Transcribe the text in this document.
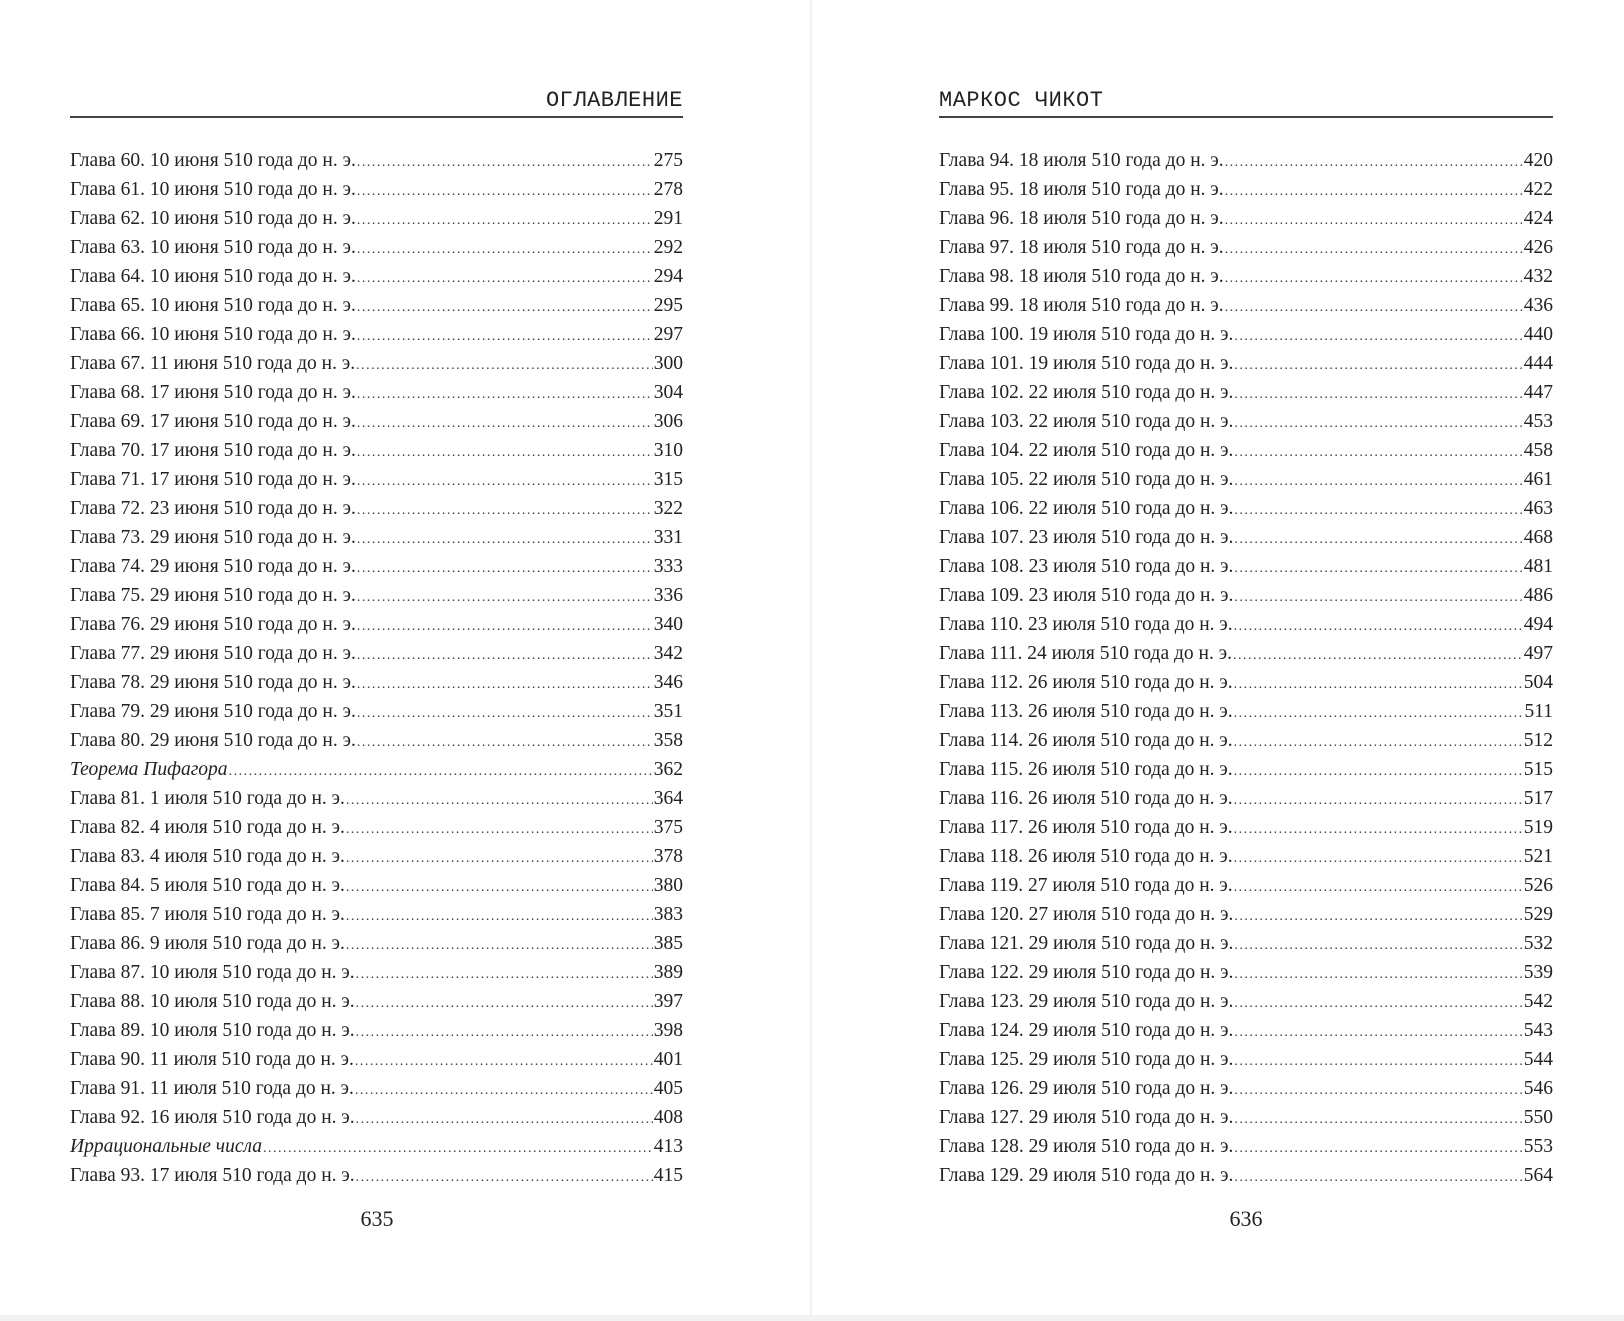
ОГЛАВЛЕНИЕ
Глава 60. 10 июня 510 года до н. э. .....	275
Глава 61. 10 июня 510 года до н. э. .....	278
Глава 62. 10 июня 510 года до н. э. .....	291
Глава 63. 10 июня 510 года до н. э. .....	292
Глава 64. 10 июня 510 года до н. э. .....	294
Глава 65. 10 июня 510 года до н. э. .....	295
Глава 66. 10 июня 510 года до н. э. .....	297
Глава 67. 11 июня 510 года до н. э. .....	300
Глава 68. 17 июня 510 года до н. э. .....	304
Глава 69. 17 июня 510 года до н. э. .....	306
Глава 70. 17 июня 510 года до н. э. .....	310
Глава 71. 17 июня 510 года до н. э. .....	315
Глава 72. 23 июня 510 года до н. э. .....	322
Глава 73. 29 июня 510 года до н. э. .....	331
Глава 74. 29 июня 510 года до н. э. .....	333
Глава 75. 29 июня 510 года до н. э. .....	336
Глава 76. 29 июня 510 года до н. э. .....	340
Глава 77. 29 июня 510 года до н. э. .....	342
Глава 78. 29 июня 510 года до н. э. .....	346
Глава 79. 29 июня 510 года до н. э. .....	351
Глава 80. 29 июня 510 года до н. э. .....	358
Теорема Пифагора .....	362
Глава 81. 1 июля 510 года до н. э. .....	364
Глава 82. 4 июля 510 года до н. э. .....	375
Глава 83. 4 июля 510 года до н. э. .....	378
Глава 84. 5 июля 510 года до н. э. .....	380
Глава 85. 7 июля 510 года до н. э. .....	383
Глава 86. 9 июля 510 года до н. э. .....	385
Глава 87. 10 июля 510 года до н. э. .....	389
Глава 88. 10 июля 510 года до н. э. .....	397
Глава 89. 10 июля 510 года до н. э. .....	398
Глава 90. 11 июля 510 года до н. э. .....	401
Глава 91. 11 июля 510 года до н. э. .....	405
Глава 92. 16 июля 510 года до н. э. .....	408
Иррациональные числа .....	413
Глава 93. 17 июля 510 года до н. э. .....	415
635
МАРКОС ЧИКОТ
Глава 94. 18 июля 510 года до н. э. .....	420
Глава 95. 18 июля 510 года до н. э. .....	422
Глава 96. 18 июля 510 года до н. э. .....	424
Глава 97. 18 июля 510 года до н. э. .....	426
Глава 98. 18 июля 510 года до н. э. .....	432
Глава 99. 18 июля 510 года до н. э. .....	436
Глава 100. 19 июля 510 года до н. э. .....	440
Глава 101. 19 июля 510 года до н. э. .....	444
Глава 102. 22 июля 510 года до н. э. .....	447
Глава 103. 22 июля 510 года до н. э. .....	453
Глава 104. 22 июля 510 года до н. э. .....	458
Глава 105. 22 июля 510 года до н. э. .....	461
Глава 106. 22 июля 510 года до н. э. .....	463
Глава 107. 23 июля 510 года до н. э. .....	468
Глава 108. 23 июля 510 года до н. э. .....	481
Глава 109. 23 июля 510 года до н. э. .....	486
Глава 110. 23 июля 510 года до н. э. .....	494
Глава 111. 24 июля 510 года до н. э. .....	497
Глава 112. 26 июля 510 года до н. э. .....	504
Глава 113. 26 июля 510 года до н. э. .....	511
Глава 114. 26 июля 510 года до н. э. .....	512
Глава 115. 26 июля 510 года до н. э. .....	515
Глава 116. 26 июля 510 года до н. э. .....	517
Глава 117. 26 июля 510 года до н. э. .....	519
Глава 118. 26 июля 510 года до н. э. .....	521
Глава 119. 27 июля 510 года до н. э. .....	526
Глава 120. 27 июля 510 года до н. э. .....	529
Глава 121. 29 июля 510 года до н. э. .....	532
Глава 122. 29 июля 510 года до н. э. .....	539
Глава 123. 29 июля 510 года до н. э. .....	542
Глава 124. 29 июля 510 года до н. э. .....	543
Глава 125. 29 июля 510 года до н. э. .....	544
Глава 126. 29 июля 510 года до н. э. .....	546
Глава 127. 29 июля 510 года до н. э. .....	550
Глава 128. 29 июля 510 года до н. э. .....	553
Глава 129. 29 июля 510 года до н. э. .....	564
636
